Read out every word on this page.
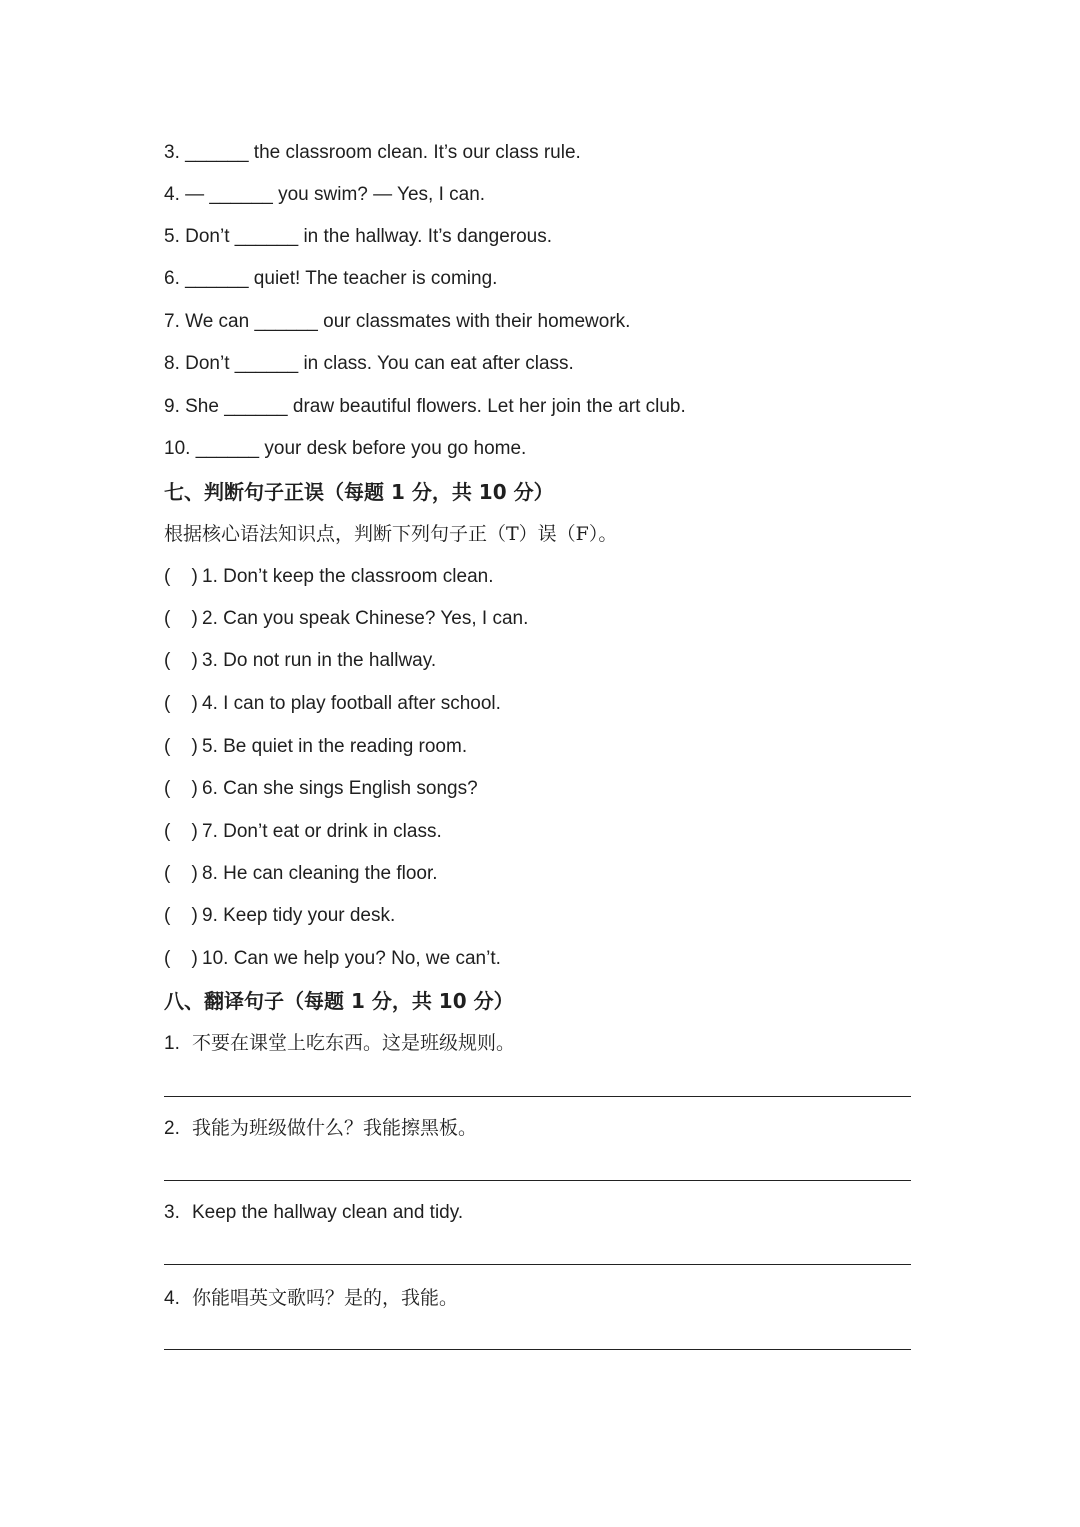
3. ______ the classroom clean. It’s our class rule.
4. — ______ you swim? — Yes, I can.
5. Don’t ______ in the hallway. It’s dangerous.
6. ______ quiet! The teacher is coming.
7. We can ______ our classmates with their homework.
8. Don’t ______ in class. You can eat after class.
9. She ______ draw beautiful flowers. Let her join the art club.
10. ______ your desk before you go home.
七、判断句子正误（每题 1 分，共 10 分）
根据核心语法知识点，判断下列句子正（T）误（F）。
(    ) 1. Don’t keep the classroom clean.
(    ) 2. Can you speak Chinese? Yes, I can.
(    ) 3. Do not run in the hallway.
(    ) 4. I can to play football after school.
(    ) 5. Be quiet in the reading room.
(    ) 6. Can she sings English songs?
(    ) 7. Don’t eat or drink in class.
(    ) 8. He can cleaning the floor.
(    ) 9. Keep tidy your desk.
(    ) 10. Can we help you? No, we can’t.
八、翻译句子（每题 1 分，共 10 分）
1. 不要在课堂上吃东西。这是班级规则。
2. 我能为班级做什么？我能擦黑板。
3. Keep the hallway clean and tidy.
4. 你能唱英文歌吗？是的，我能。
